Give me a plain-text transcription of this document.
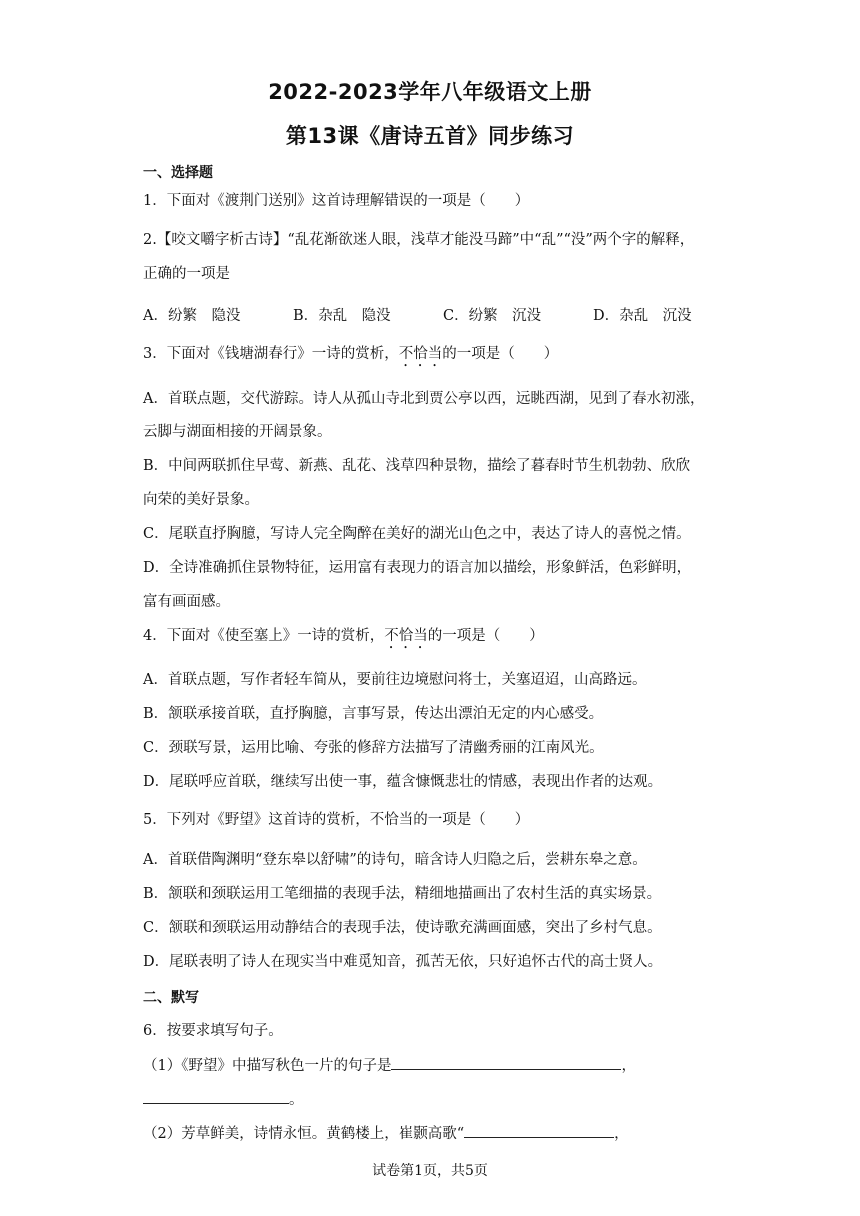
2022-2023学年八年级语文上册
第13课《唐诗五首》同步练习
一、选择题
1．下面对《渡荆门送别》这首诗理解错误的一项是（　　）
2.【咬文嚼字析古诗】“乱花渐欲迷人眼，浅草才能没马蹄”中“乱”“没”两个字的解释，
正确的一项是
A．纷繁　隐没	B．杂乱　隐没	C．纷繁　沉没	D．杂乱　沉没
3．下面对《钱塘湖春行》一诗的赏析，不恰当的一项是（　　）
A．首联点题，交代游踪。诗人从孤山寺北到贾公亭以西，远眺西湖，见到了春水初涨，
云脚与湖面相接的开阔景象。
B．中间两联抓住早莺、新燕、乱花、浅草四种景物，描绘了暮春时节生机勃勃、欣欣
向荣的美好景象。
C．尾联直抒胸臆，写诗人完全陶醉在美好的湖光山色之中，表达了诗人的喜悦之情。
D．全诗准确抓住景物特征，运用富有表现力的语言加以描绘，形象鲜活，色彩鲜明，
富有画面感。
4．下面对《使至塞上》一诗的赏析，不恰当的一项是（　　）
A．首联点题，写作者轻车简从，要前往边境慰问将士，关塞迢迢，山高路远。
B．颔联承接首联，直抒胸臆，言事写景，传达出漂泊无定的内心感受。
C．颈联写景，运用比喻、夸张的修辞方法描写了清幽秀丽的江南风光。
D．尾联呼应首联，继续写出使一事，蕴含慷慨悲壮的情感，表现出作者的达观。
5．下列对《野望》这首诗的赏析，不恰当的一项是（　　）
A．首联借陶渊明“登东皋以舒啸”的诗句，暗含诗人归隐之后，尝耕东皋之意。
B．颔联和颈联运用工笔细描的表现手法，精细地描画出了农村生活的真实场景。
C．颔联和颈联运用动静结合的表现手法，使诗歌充满画面感，突出了乡村气息。
D．尾联表明了诗人在现实当中难觅知音，孤苦无依，只好追怀古代的高士贤人。
二、默写
6．按要求填写句子。
（1）《野望》中描写秋色一片的句子是	，
。
（2）芳草鲜美，诗情永恒。黄鹤楼上，崔颢高歌“	，
试卷第1页，共5页
